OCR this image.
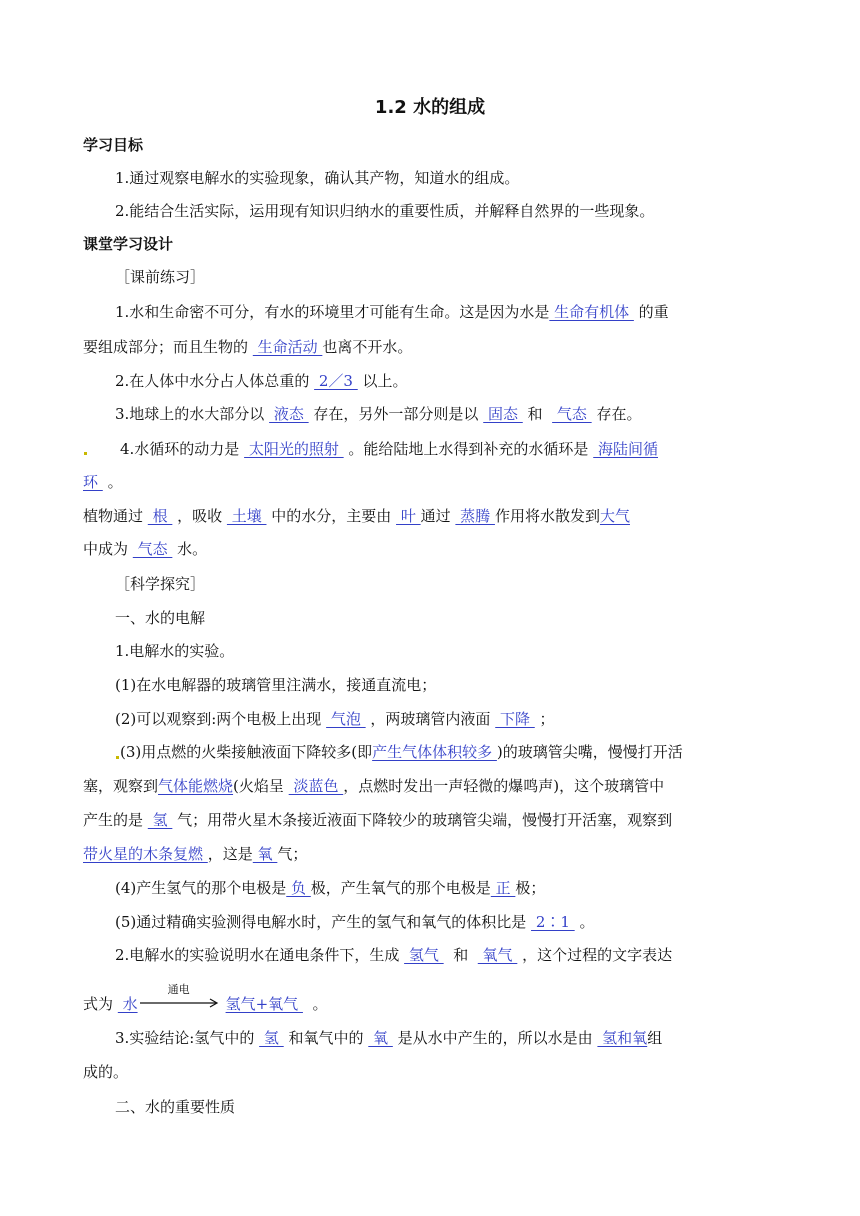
1.2 水的组成
学习目标
1.通过观察电解水的实验现象，确认其产物，知道水的组成。
2.能结合生活实际，运用现有知识归纳水的重要性质，并解释自然界的一些现象。
课堂学习设计
［课前练习］
1.水和生命密不可分，有水的环境里才可能有生命。这是因为水是 生命有机体  的重
要组成部分；而且生物的  生命活动 也离不开水。
2.在人体中水分占人体总重的  2／3  以上。
3.地球上的水大部分以  液态  存在，另外一部分则是以  固态  和   气态  存在。
4.水循环的动力是  太阳光的照射  。能给陆地上水得到补充的水循环是  海陆间循
环  。
植物通过  根  ，吸收  土壤  中的水分，主要由  叶 通过  蒸腾 作用将水散发到大气
中成为  气态  水。
［科学探究］
一、水的电解
1.电解水的实验。
(1)在水电解器的玻璃管里注满水，接通直流电；
(2)可以观察到:两个电极上出现  气泡  ，两玻璃管内液面  下降  ；
(3)用点燃的火柴接触液面下降较多(即产生气体体积较多 )的玻璃管尖嘴，慢慢打开活
塞，观察到气体能燃烧(火焰呈  淡蓝色 ，点燃时发出一声轻微的爆鸣声)，这个玻璃管中
产生的是  氢  气；用带火星木条接近液面下降较少的玻璃管尖端，慢慢打开活塞，观察到
带火星的木条复燃 ，这是 氧 气；
(4)产生氢气的那个电极是 负 极，产生氧气的那个电极是 正 极；
(5)通过精确实验测得电解水时，产生的氢气和氧气的体积比是  2∶1  。
2.电解水的实验说明水在通电条件下，生成  氢气   和   氧气  ，这个过程的文字表达
式为  水
通电
氢气+氧气   。
3.实验结论:氢气中的  氢  和氧气中的  氧  是从水中产生的，所以水是由  氢和氧组
成的。
二、水的重要性质
